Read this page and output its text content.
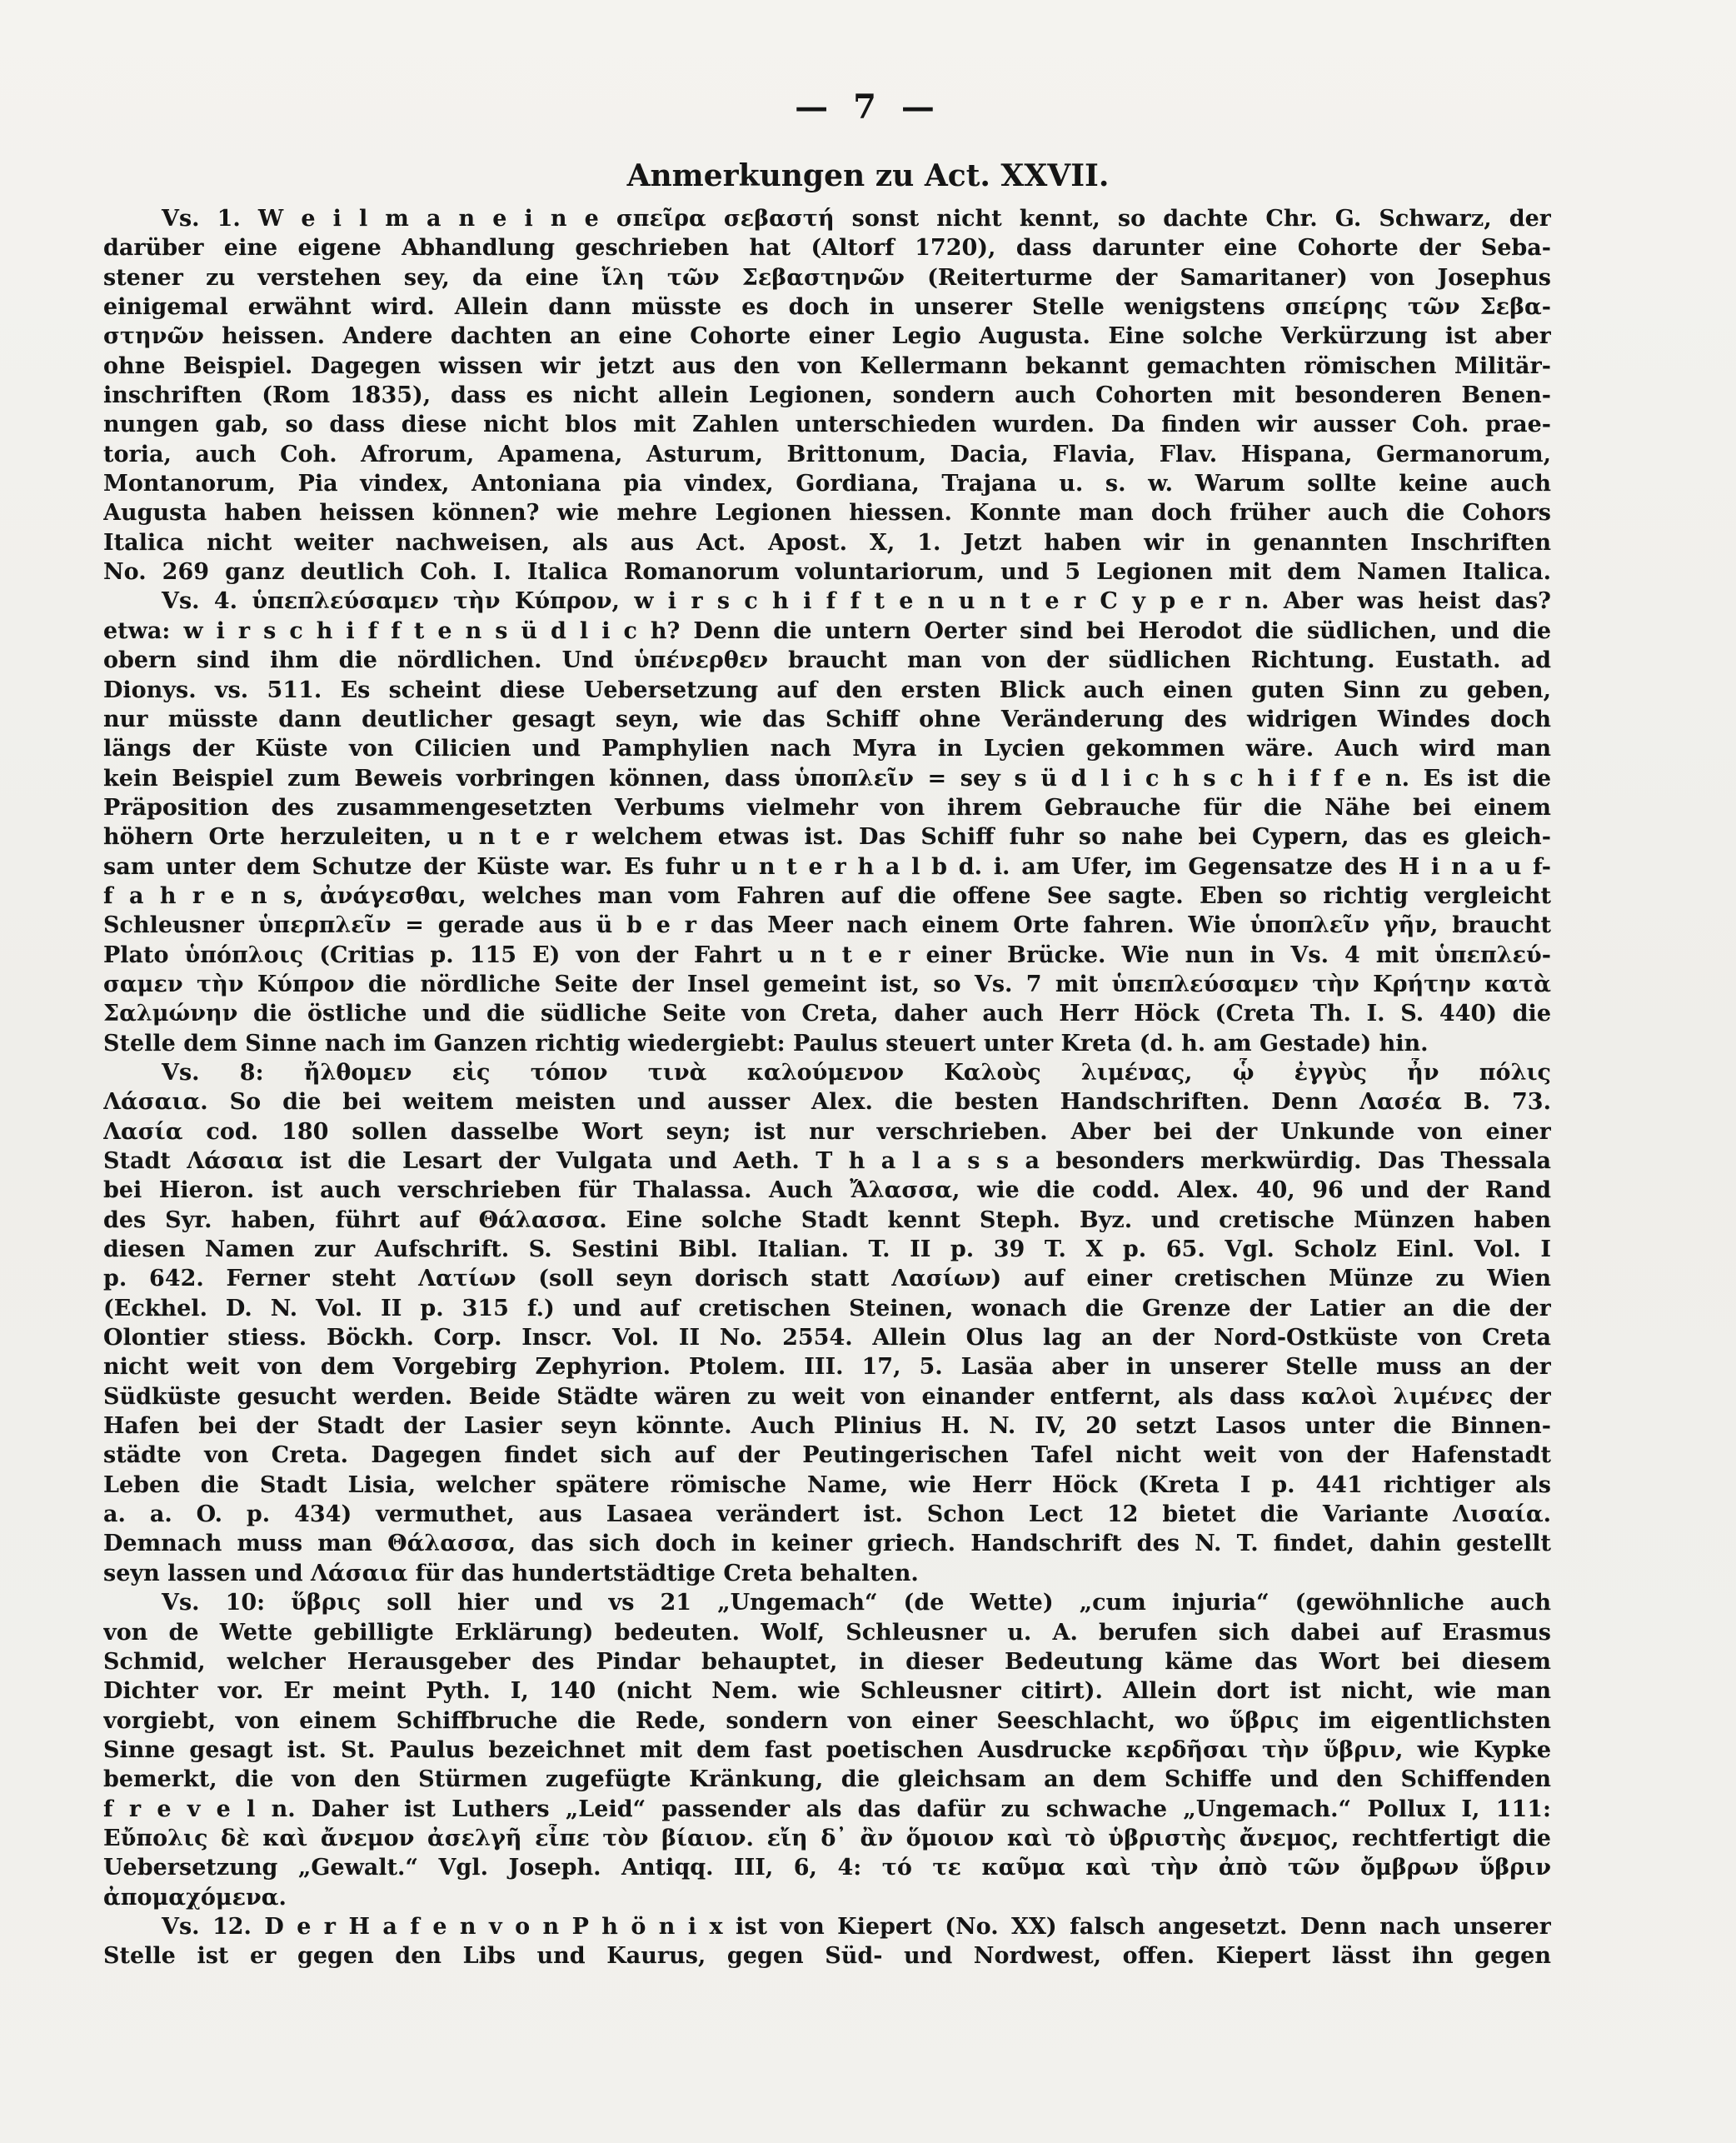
— 7 —
Anmerkungen zu Act. XXVII.
Vs. 1. W e i l m a n e i n e σπεῖρα σεβαστή sonst nicht kennt, so dachte Chr. G. Schwarz, der
darüber eine eigene Abhandlung geschrieben hat (Altorf 1720), dass darunter eine Cohorte der Seba-
stener zu verstehen sey, da eine ἴλη τῶν Σεβαστηνῶν (Reiterturme der Samaritaner) von Josephus
einigemal erwähnt wird. Allein dann müsste es doch in unserer Stelle wenigstens σπείρης τῶν Σεβα-
στηνῶν heissen. Andere dachten an eine Cohorte einer Legio Augusta. Eine solche Verkürzung ist aber
ohne Beispiel. Dagegen wissen wir jetzt aus den von Kellermann bekannt gemachten römischen Militär-
inschriften (Rom 1835), dass es nicht allein Legionen, sondern auch Cohorten mit besonderen Benen-
nungen gab, so dass diese nicht blos mit Zahlen unterschieden wurden. Da finden wir ausser Coh. prae-
toria, auch Coh. Afrorum, Apamena, Asturum, Brittonum, Dacia, Flavia, Flav. Hispana, Germanorum,
Montanorum, Pia vindex, Antoniana pia vindex, Gordiana, Trajana u. s. w. Warum sollte keine auch
Augusta haben heissen können? wie mehre Legionen hiessen. Konnte man doch früher auch die Cohors
Italica nicht weiter nachweisen, als aus Act. Apost. X, 1. Jetzt haben wir in genannten Inschriften
No. 269 ganz deutlich Coh. I. Italica Romanorum voluntariorum, und 5 Legionen mit dem Namen Italica.
Vs. 4. ὑπεπλεύσαμεν τὴν Κύπρον, w i r s c h i f f t e n u n t e r C y p e r n. Aber was heist das?
etwa: w i r s c h i f f t e n s ü d l i c h? Denn die untern Oerter sind bei Herodot die südlichen, und die
obern sind ihm die nördlichen. Und ὑπένερθεν braucht man von der südlichen Richtung. Eustath. ad
Dionys. vs. 511. Es scheint diese Uebersetzung auf den ersten Blick auch einen guten Sinn zu geben,
nur müsste dann deutlicher gesagt seyn, wie das Schiff ohne Veränderung des widrigen Windes doch
längs der Küste von Cilicien und Pamphylien nach Myra in Lycien gekommen wäre. Auch wird man
kein Beispiel zum Beweis vorbringen können, dass ὑποπλεῖν = sey s ü d l i c h s c h i f f e n. Es ist die
Präposition des zusammengesetzten Verbums vielmehr von ihrem Gebrauche für die Nähe bei einem
höhern Orte herzuleiten, u n t e r welchem etwas ist. Das Schiff fuhr so nahe bei Cypern, das es gleich-
sam unter dem Schutze der Küste war. Es fuhr u n t e r h a l b d. i. am Ufer, im Gegensatze des H i n a u f-
f a h r e n s, ἀνάγεσθαι, welches man vom Fahren auf die offene See sagte. Eben so richtig vergleicht
Schleusner ὑπερπλεῖν = gerade aus ü b e r das Meer nach einem Orte fahren. Wie ὑποπλεῖν γῆν, braucht
Plato ὑπόπλοις (Critias p. 115 E) von der Fahrt u n t e r einer Brücke. Wie nun in Vs. 4 mit ὑπεπλεύ-
σαμεν τὴν Κύπρον die nördliche Seite der Insel gemeint ist, so Vs. 7 mit ὑπεπλεύσαμεν τὴν Κρήτην κατὰ
Σαλμώνην die östliche und die südliche Seite von Creta, daher auch Herr Höck (Creta Th. I. S. 440) die
Stelle dem Sinne nach im Ganzen richtig wiedergiebt: Paulus steuert unter Kreta (d. h. am Gestade) hin.
Vs. 8: ἤλθομεν εἰς τόπον τινὰ καλούμενον Καλοὺς λιμένας, ᾧ ἐγγὺς ἦν πόλις
Λάσαια. So die bei weitem meisten und ausser Alex. die besten Handschriften. Denn Λασέα B. 73.
Λασία cod. 180 sollen dasselbe Wort seyn; ist nur verschrieben. Aber bei der Unkunde von einer
Stadt Λάσαια ist die Lesart der Vulgata und Aeth. T h a l a s s a besonders merkwürdig. Das Thessala
bei Hieron. ist auch verschrieben für Thalassa. Auch Ἄλασσα, wie die codd. Alex. 40, 96 und der Rand
des Syr. haben, führt auf Θάλασσα. Eine solche Stadt kennt Steph. Byz. und cretische Münzen haben
diesen Namen zur Aufschrift. S. Sestini Bibl. Italian. T. II p. 39 T. X p. 65. Vgl. Scholz Einl. Vol. I
p. 642. Ferner steht Λατίων (soll seyn dorisch statt Λασίων) auf einer cretischen Münze zu Wien
(Eckhel. D. N. Vol. II p. 315 f.) und auf cretischen Steinen, wonach die Grenze der Latier an die der
Olontier stiess. Böckh. Corp. Inscr. Vol. II No. 2554. Allein Olus lag an der Nord-Ostküste von Creta
nicht weit von dem Vorgebirg Zephyrion. Ptolem. III. 17, 5. Lasäa aber in unserer Stelle muss an der
Südküste gesucht werden. Beide Städte wären zu weit von einander entfernt, als dass καλοὶ λιμένες der
Hafen bei der Stadt der Lasier seyn könnte. Auch Plinius H. N. IV, 20 setzt Lasos unter die Binnen-
städte von Creta. Dagegen findet sich auf der Peutingerischen Tafel nicht weit von der Hafenstadt
Leben die Stadt Lisia, welcher spätere römische Name, wie Herr Höck (Kreta I p. 441 richtiger als
a. a. O. p. 434) vermuthet, aus Lasaea verändert ist. Schon Lect 12 bietet die Variante Λισαία.
Demnach muss man Θάλασσα, das sich doch in keiner griech. Handschrift des N. T. findet, dahin gestellt
seyn lassen und Λάσαια für das hundertstädtige Creta behalten.
Vs. 10: ὕβρις soll hier und vs 21 „Ungemach“ (de Wette) „cum injuria“ (gewöhnliche auch
von de Wette gebilligte Erklärung) bedeuten. Wolf, Schleusner u. A. berufen sich dabei auf Erasmus
Schmid, welcher Herausgeber des Pindar behauptet, in dieser Bedeutung käme das Wort bei diesem
Dichter vor. Er meint Pyth. I, 140 (nicht Nem. wie Schleusner citirt). Allein dort ist nicht, wie man
vorgiebt, von einem Schiffbruche die Rede, sondern von einer Seeschlacht, wo ὕβρις im eigentlichsten
Sinne gesagt ist. St. Paulus bezeichnet mit dem fast poetischen Ausdrucke κερδῆσαι τὴν ὕβριν, wie Kypke
bemerkt, die von den Stürmen zugefügte Kränkung, die gleichsam an dem Schiffe und den Schiffenden
f r e v e l n. Daher ist Luthers „Leid“ passender als das dafür zu schwache „Ungemach.“ Pollux I, 111:
Εὔπολις δὲ καὶ ἄνεμον ἀσελγῆ εἶπε τὸν βίαιον. εἴη δ᾽ ἂν ὅμοιον καὶ τὸ ὑβριστὴς ἄνεμος, rechtfertigt die
Uebersetzung „Gewalt.“ Vgl. Joseph. Antiqq. III, 6, 4: τό τε καῦμα καὶ τὴν ἀπὸ τῶν ὄμβρων ὕβριν
ἀπομαχόμενα.
Vs. 12. D e r H a f e n v o n P h ö n i x ist von Kiepert (No. XX) falsch angesetzt. Denn nach unserer
Stelle ist er gegen den Libs und Kaurus, gegen Süd- und Nordwest, offen. Kiepert lässt ihn gegen
